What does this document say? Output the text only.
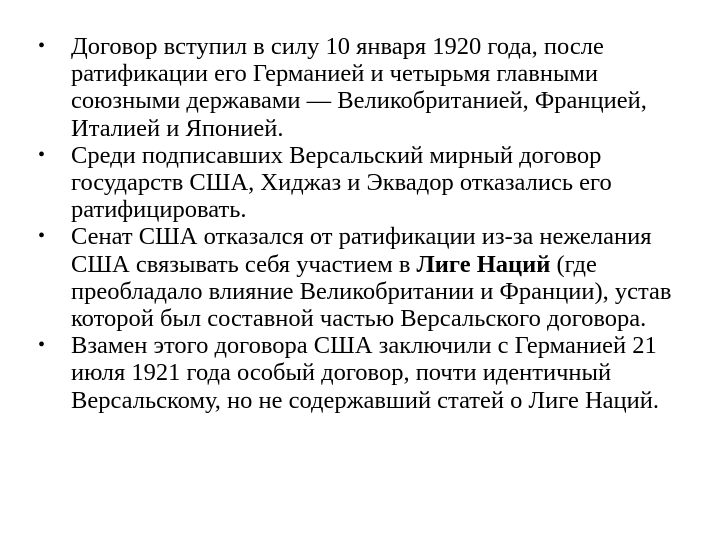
• Договор вступил в силу 10 января 1920 года, после ратификации его Германией и четырьмя главными союзными державами — Великобританией, Францией, Италией и Японией.
• Среди подписавших Версальский мирный договор государств США, Хиджаз и Эквадор отказались его ратифицировать.
• Сенат США отказался от ратификации из-за нежелания США связывать себя участием в Лиге Наций (где преобладало влияние Великобритании и Франции), устав которой был составной частью Версальского договора.
• Взамен этого договора США заключили с Германией 21 июля 1921 года особый договор, почти идентичный Версальскому, но не содержавший статей о Лиге Наций.
